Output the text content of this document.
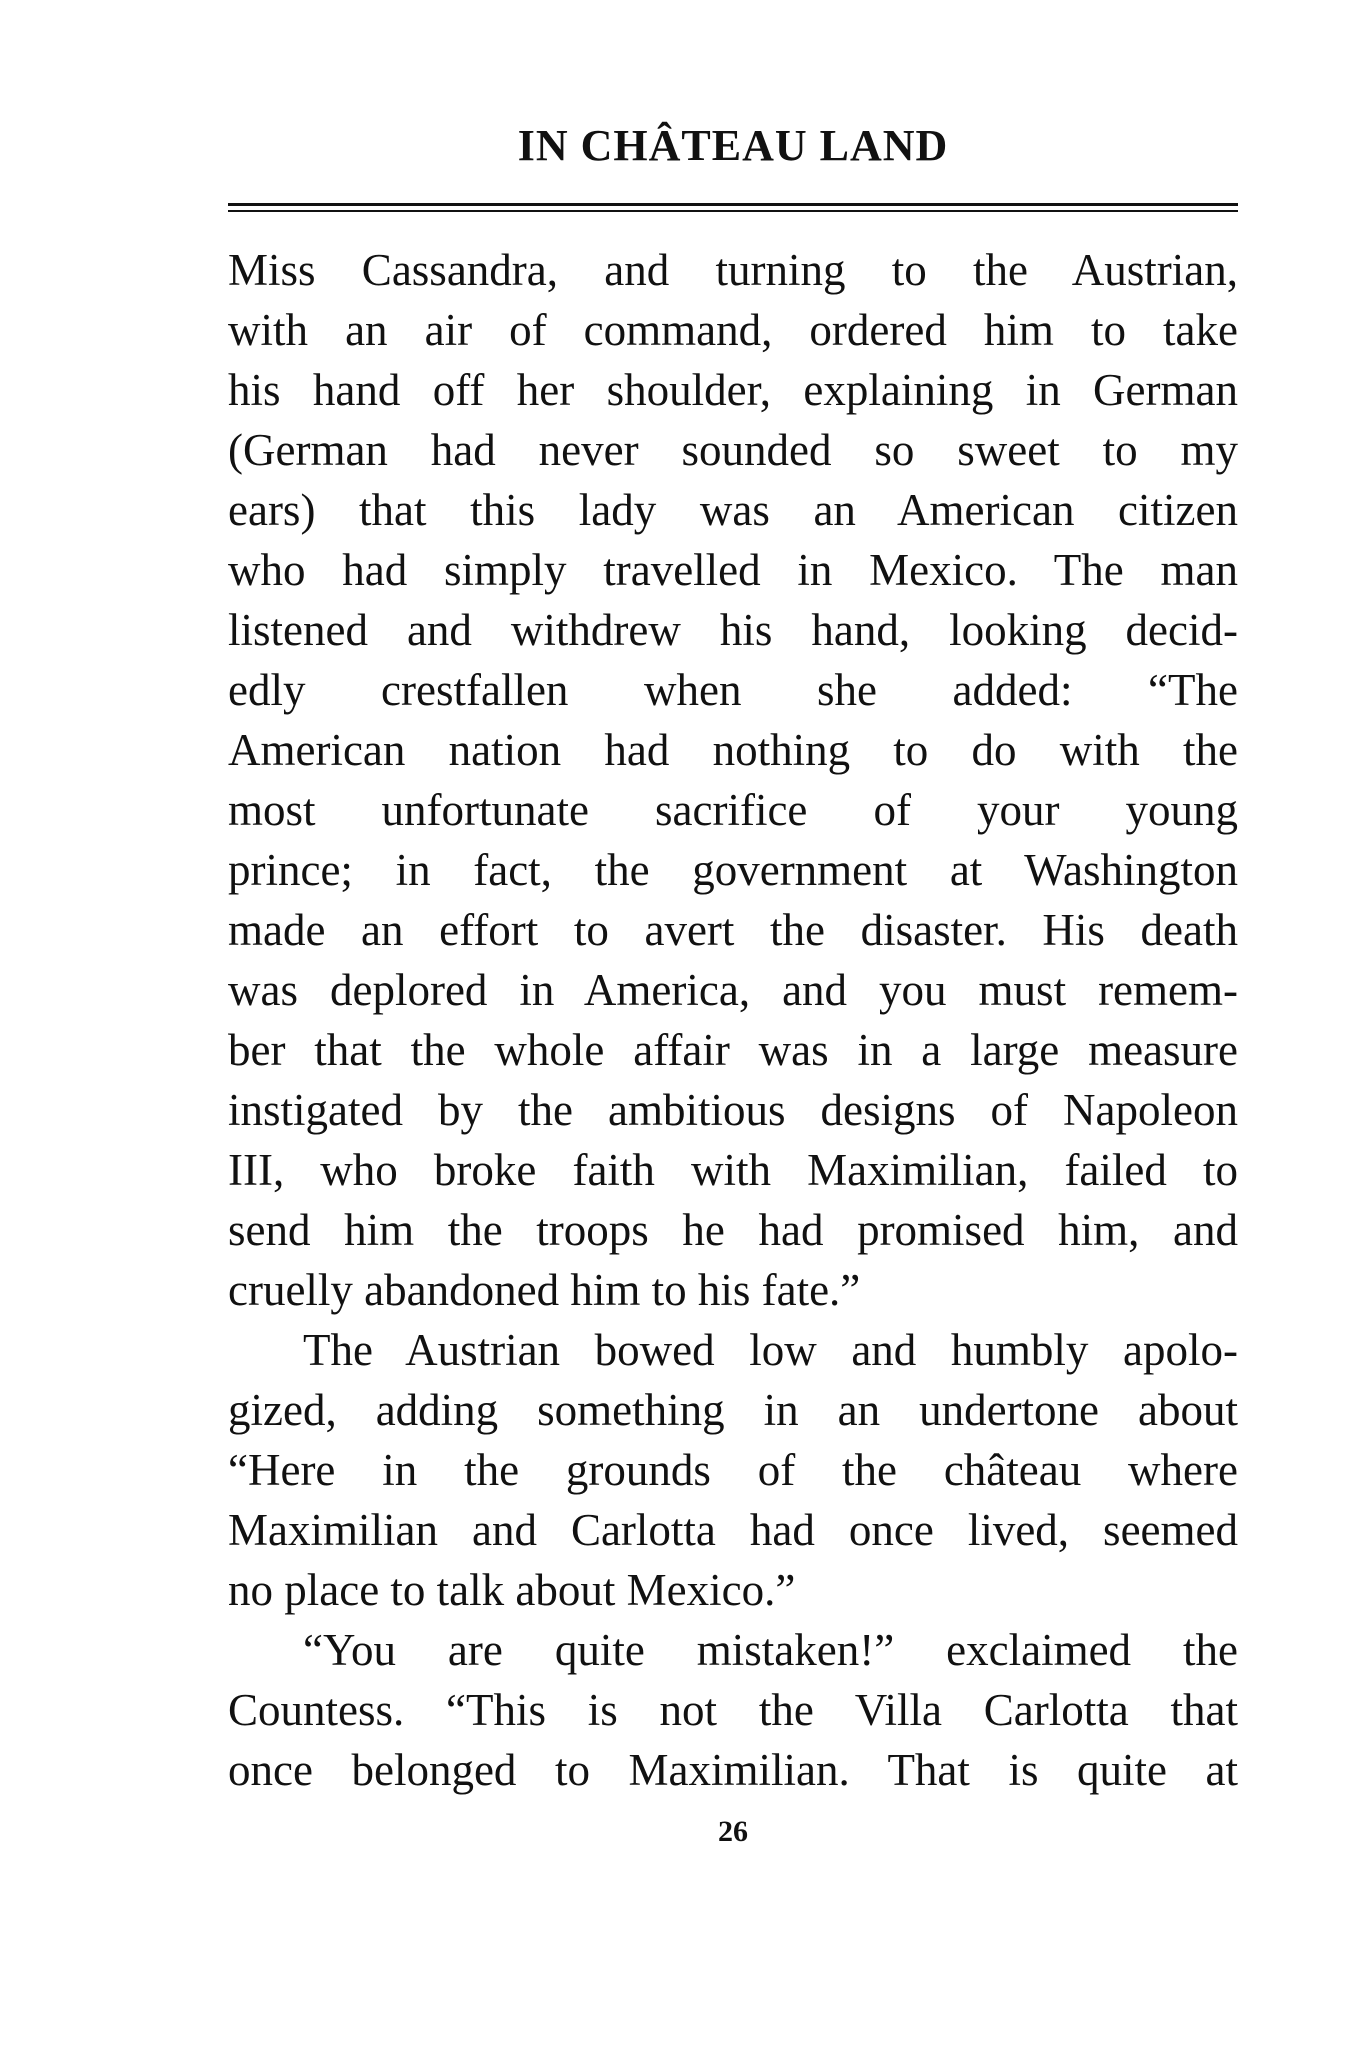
IN CHÂTEAU LAND
Miss Cassandra, and turning to the Austrian,
with an air of command, ordered him to take
his hand off her shoulder, explaining in German
(German had never sounded so sweet to my
ears) that this lady was an American citizen
who had simply travelled in Mexico. The man
listened and withdrew his hand, looking decid-
edly crestfallen when she added: “The
American nation had nothing to do with the
most unfortunate sacrifice of your young
prince; in fact, the government at Washington
made an effort to avert the disaster. His death
was deplored in America, and you must remem-
ber that the whole affair was in a large measure
instigated by the ambitious designs of Napoleon
III, who broke faith with Maximilian, failed to
send him the troops he had promised him, and
cruelly abandoned him to his fate.”
The Austrian bowed low and humbly apolo-
gized, adding something in an undertone about
“Here in the grounds of the château where
Maximilian and Carlotta had once lived, seemed
no place to talk about Mexico.”
“You are quite mistaken!” exclaimed the
Countess. “This is not the Villa Carlotta that
once belonged to Maximilian. That is quite at
26
